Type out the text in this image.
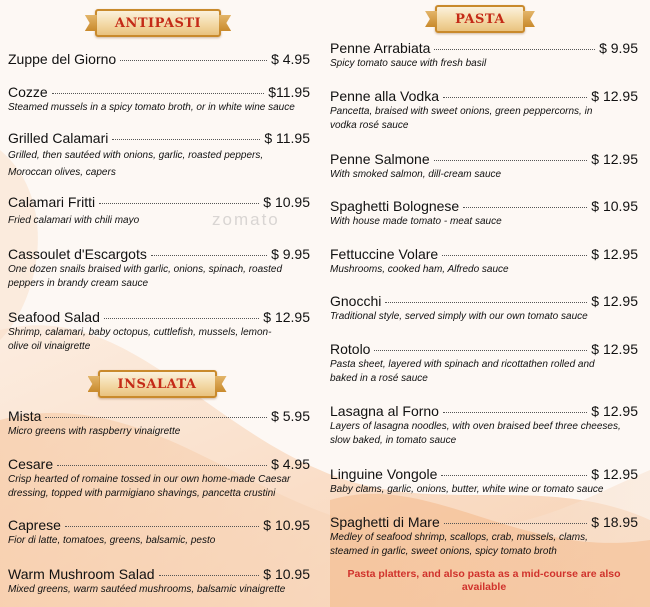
zomato
ANTIPASTI
Zuppe del Giorno	$ 4.95
Cozze	$11.95
Steamed mussels in a spicy tomato broth, or in white wine sauce
Grilled Calamari	$ 11.95
Grilled, then sautéed with onions, garlic, roasted peppers, Moroccan olives, capers
Calamari Fritti	$ 10.95
Fried calamari with chili mayo
Cassoulet d'Escargots	$ 9.95
One dozen snails braised with garlic, onions, spinach, roasted peppers in brandy cream sauce
Seafood Salad	$ 12.95
Shrimp, calamari, baby octopus, cuttlefish, mussels, lemon-olive oil vinaigrette
INSALATA
Mista	$ 5.95
Micro greens with raspberry vinaigrette
Cesare	$ 4.95
Crisp hearted of romaine tossed in our own home-made Caesar dressing, topped with parmigiano shavings, pancetta crustini
Caprese	$ 10.95
Fior di latte, tomatoes, greens, balsamic, pesto
Warm Mushroom Salad	$ 10.95
Mixed greens, warm sautéed mushrooms, balsamic vinaigrette
PASTA
Penne Arrabiata	$ 9.95
Spicy tomato sauce with fresh basil
Penne alla Vodka	$ 12.95
Pancetta, braised with sweet onions, green peppercorns, in vodka rosé sauce
Penne Salmone	$ 12.95
With smoked salmon, dill-cream sauce
Spaghetti Bolognese	$ 10.95
With house made tomato - meat sauce
Fettuccine Volare	$ 12.95
Mushrooms, cooked ham, Alfredo sauce
Gnocchi	$ 12.95
Traditional style, served simply with our own tomato sauce
Rotolo	$ 12.95
Pasta sheet, layered with spinach and ricottathen rolled and baked in a rosé sauce
Lasagna al Forno	$ 12.95
Layers of lasagna noodles, with oven braised beef three cheeses, slow baked, in tomato sauce
Linguine Vongole	$ 12.95
Baby clams, garlic, onions, butter, white wine or tomato sauce
Spaghetti di Mare	$ 18.95
Medley of seafood shrimp, scallops, crab, mussels, clams, steamed in garlic, sweet onions, spicy tomato broth
Pasta platters, and also pasta as a mid-course are also available
